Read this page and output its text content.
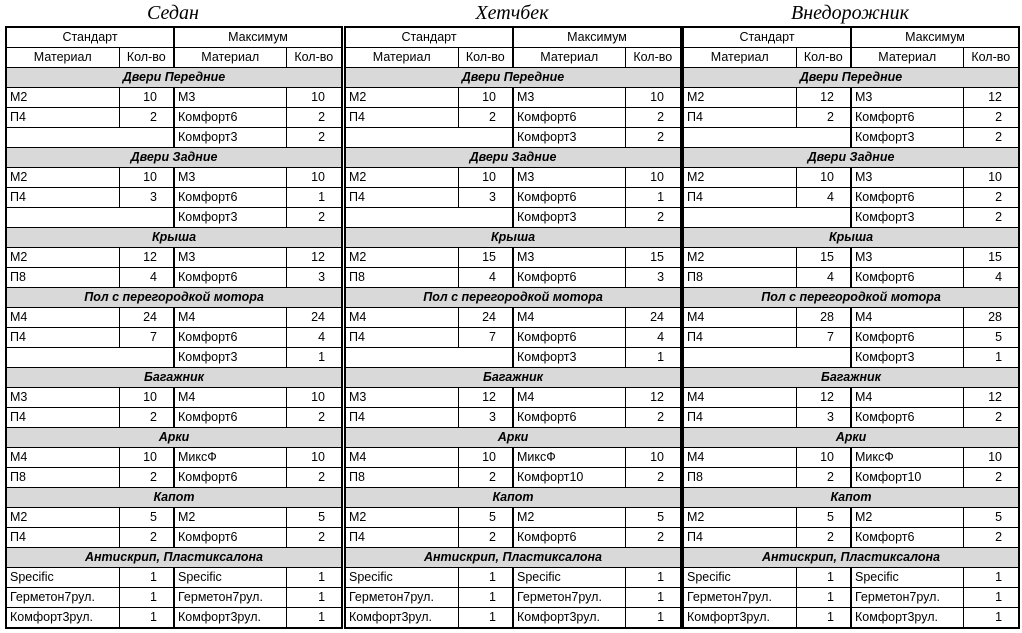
Седан
Стандарт		Максимум	
Материал	Кол-во	Материал	Кол-во
Двери Передние			
М2	10	М3	10
П4	2	Комфорт6	2
		Комфорт3	2
Двери Задние			
М2	10	М3	10
П4	3	Комфорт6	1
		Комфорт3	2
Крыша			
М2	12	М3	12
П8	4	Комфорт6	3
Пол с перегородкой мотора			
М4	24	М4	24
П4	7	Комфорт6	4
		Комфорт3	1
Багажник			
М3	10	М4	10
П4	2	Комфорт6	2
Арки			
М4	10	МиксФ	10
П8	2	Комфорт6	2
Капот			
М2	5	М2	5
П4	2	Комфорт6	2
Антискрип, Пластиксалона			
Specific	1	Specific	1
Герметон7рул.	1	Герметон7рул.	1
Комфорт3рул.	1	Комфорт3рул.	1
Хетчбек
Стандарт		Максимум	
Материал	Кол-во	Материал	Кол-во
Двери Передние			
М2	10	М3	10
П4	2	Комфорт6	2
		Комфорт3	2
Двери Задние			
М2	10	М3	10
П4	3	Комфорт6	1
		Комфорт3	2
Крыша			
М2	15	М3	15
П8	4	Комфорт6	3
Пол с перегородкой мотора			
М4	24	М4	24
П4	7	Комфорт6	4
		Комфорт3	1
Багажник			
М3	12	М4	12
П4	3	Комфорт6	2
Арки			
М4	10	МиксФ	10
П8	2	Комфорт10	2
Капот			
М2	5	М2	5
П4	2	Комфорт6	2
Антискрип, Пластиксалона			
Specific	1	Specific	1
Герметон7рул.	1	Герметон7рул.	1
Комфорт3рул.	1	Комфорт3рул.	1
Внедорожник
Стандарт		Максимум	
Материал	Кол-во	Материал	Кол-во
Двери Передние			
М2	12	М3	12
П4	2	Комфорт6	2
		Комфорт3	2
Двери Задние			
М2	10	М3	10
П4	4	Комфорт6	2
		Комфорт3	2
Крыша			
М2	15	М3	15
П8	4	Комфорт6	4
Пол с перегородкой мотора			
М4	28	М4	28
П4	7	Комфорт6	5
		Комфорт3	1
Багажник			
М4	12	М4	12
П4	3	Комфорт6	2
Арки			
М4	10	МиксФ	10
П8	2	Комфорт10	2
Капот			
М2	5	М2	5
П4	2	Комфорт6	2
Антискрип, Пластиксалона			
Specific	1	Specific	1
Герметон7рул.	1	Герметон7рул.	1
Комфорт3рул.	1	Комфорт3рул.	1
